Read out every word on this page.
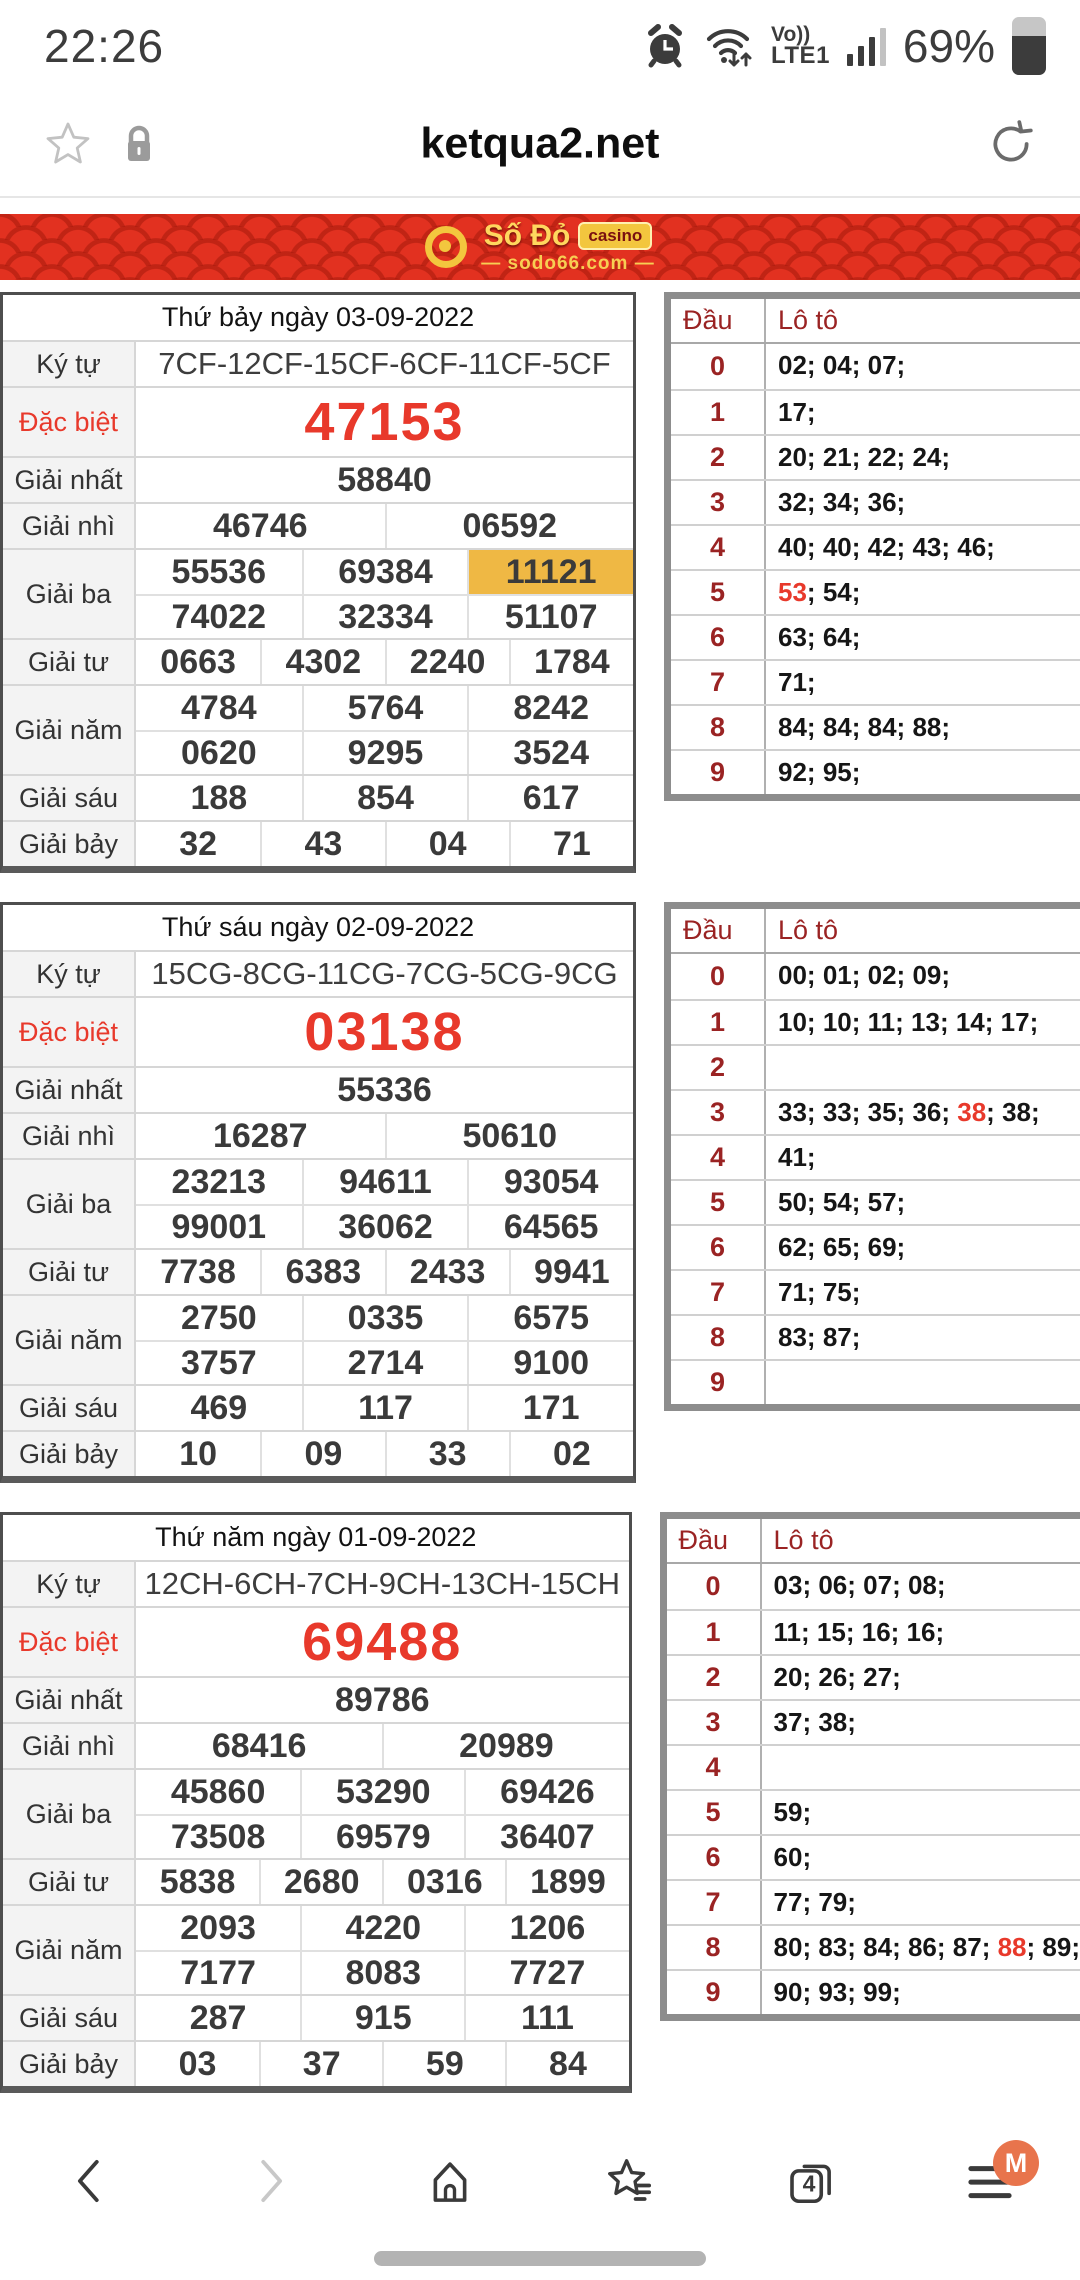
22:26	Vo))
LTE1 69%
ketqua2.net
Số Đỏ	casino
— sodo66.com —
Thứ bảy ngày 03-09-2022
Ký tự	7CF-12CF-15CF-6CF-11CF-5CF
Đặc biệt	47153
Giải nhất	58840
Giải nhì	46746	06592
Giải ba
55536	69384	11121
74022	32334	51107
Giải tư	0663	4302	2240	1784
Giải năm
4784	5764	8242
0620	9295	3524
Giải sáu	188	854	617
Giải bảy	32	43	04	71
Đầu	Lô tô
0	02; 04; 07;
1	17;
2	20; 21; 22; 24;
3	32; 34; 36;
4	40; 40; 42; 43; 46;
5	53; 54;
6	63; 64;
7	71;
8	84; 84; 84; 88;
9	92; 95;
Thứ sáu ngày 02-09-2022
Ký tự	15CG-8CG-11CG-7CG-5CG-9CG
Đặc biệt	03138
Giải nhất	55336
Giải nhì	16287	50610
Giải ba
23213	94611	93054
99001	36062	64565
Giải tư	7738	6383	2433	9941
Giải năm
2750	0335	6575
3757	2714	9100
Giải sáu	469	117	171
Giải bảy	10	09	33	02
Đầu	Lô tô
0	00; 01; 02; 09;
1	10; 10; 11; 13; 14; 17;
2
3	33; 33; 35; 36; 38; 38;
4	41;
5	50; 54; 57;
6	62; 65; 69;
7	71; 75;
8	83; 87;
9
Thứ năm ngày 01-09-2022
Ký tự	12CH-6CH-7CH-9CH-13CH-15CH
Đặc biệt	69488
Giải nhất	89786
Giải nhì	68416	20989
Giải ba
45860	53290	69426
73508	69579	36407
Giải tư	5838	2680	0316	1899
Giải năm
2093	4220	1206
7177	8083	7727
Giải sáu	287	915	111
Giải bảy	03	37	59	84
Đầu	Lô tô
0	03; 06; 07; 08;
1	11; 15; 16; 16;
2	20; 26; 27;
3	37; 38;
4
5	59;
6	60;
7	77; 79;
8	80; 83; 84; 86; 87; 88; 89;
9	90; 93; 99;
4
M
